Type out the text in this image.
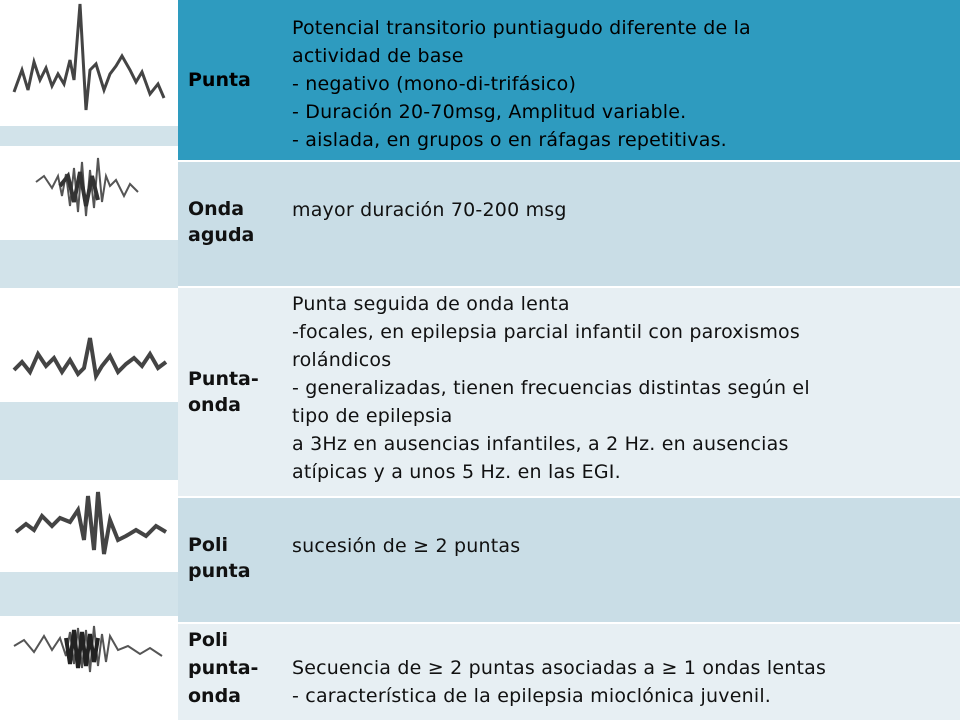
Punta
Potencial transitorio puntiagudo diferente de la
actividad de base
- negativo (mono-di-trifásico)
- Duración 20-70msg, Amplitud variable.
- aislada, en grupos o en ráfagas repetitivas.
Onda
aguda
mayor duración 70-200 msg
Punta-
onda
Punta seguida de onda lenta
-focales, en epilepsia parcial infantil con paroxismos
rolándicos
- generalizadas, tienen frecuencias distintas según el
tipo de epilepsia
a 3Hz en ausencias infantiles, a 2 Hz. en ausencias
atípicas y a unos 5 Hz. en las EGI.
Poli
punta
sucesión de ≥ 2 puntas
Poli
punta-
onda
Secuencia de ≥ 2 puntas asociadas a ≥ 1 ondas lentas
- característica de la epilepsia mioclónica juvenil.
